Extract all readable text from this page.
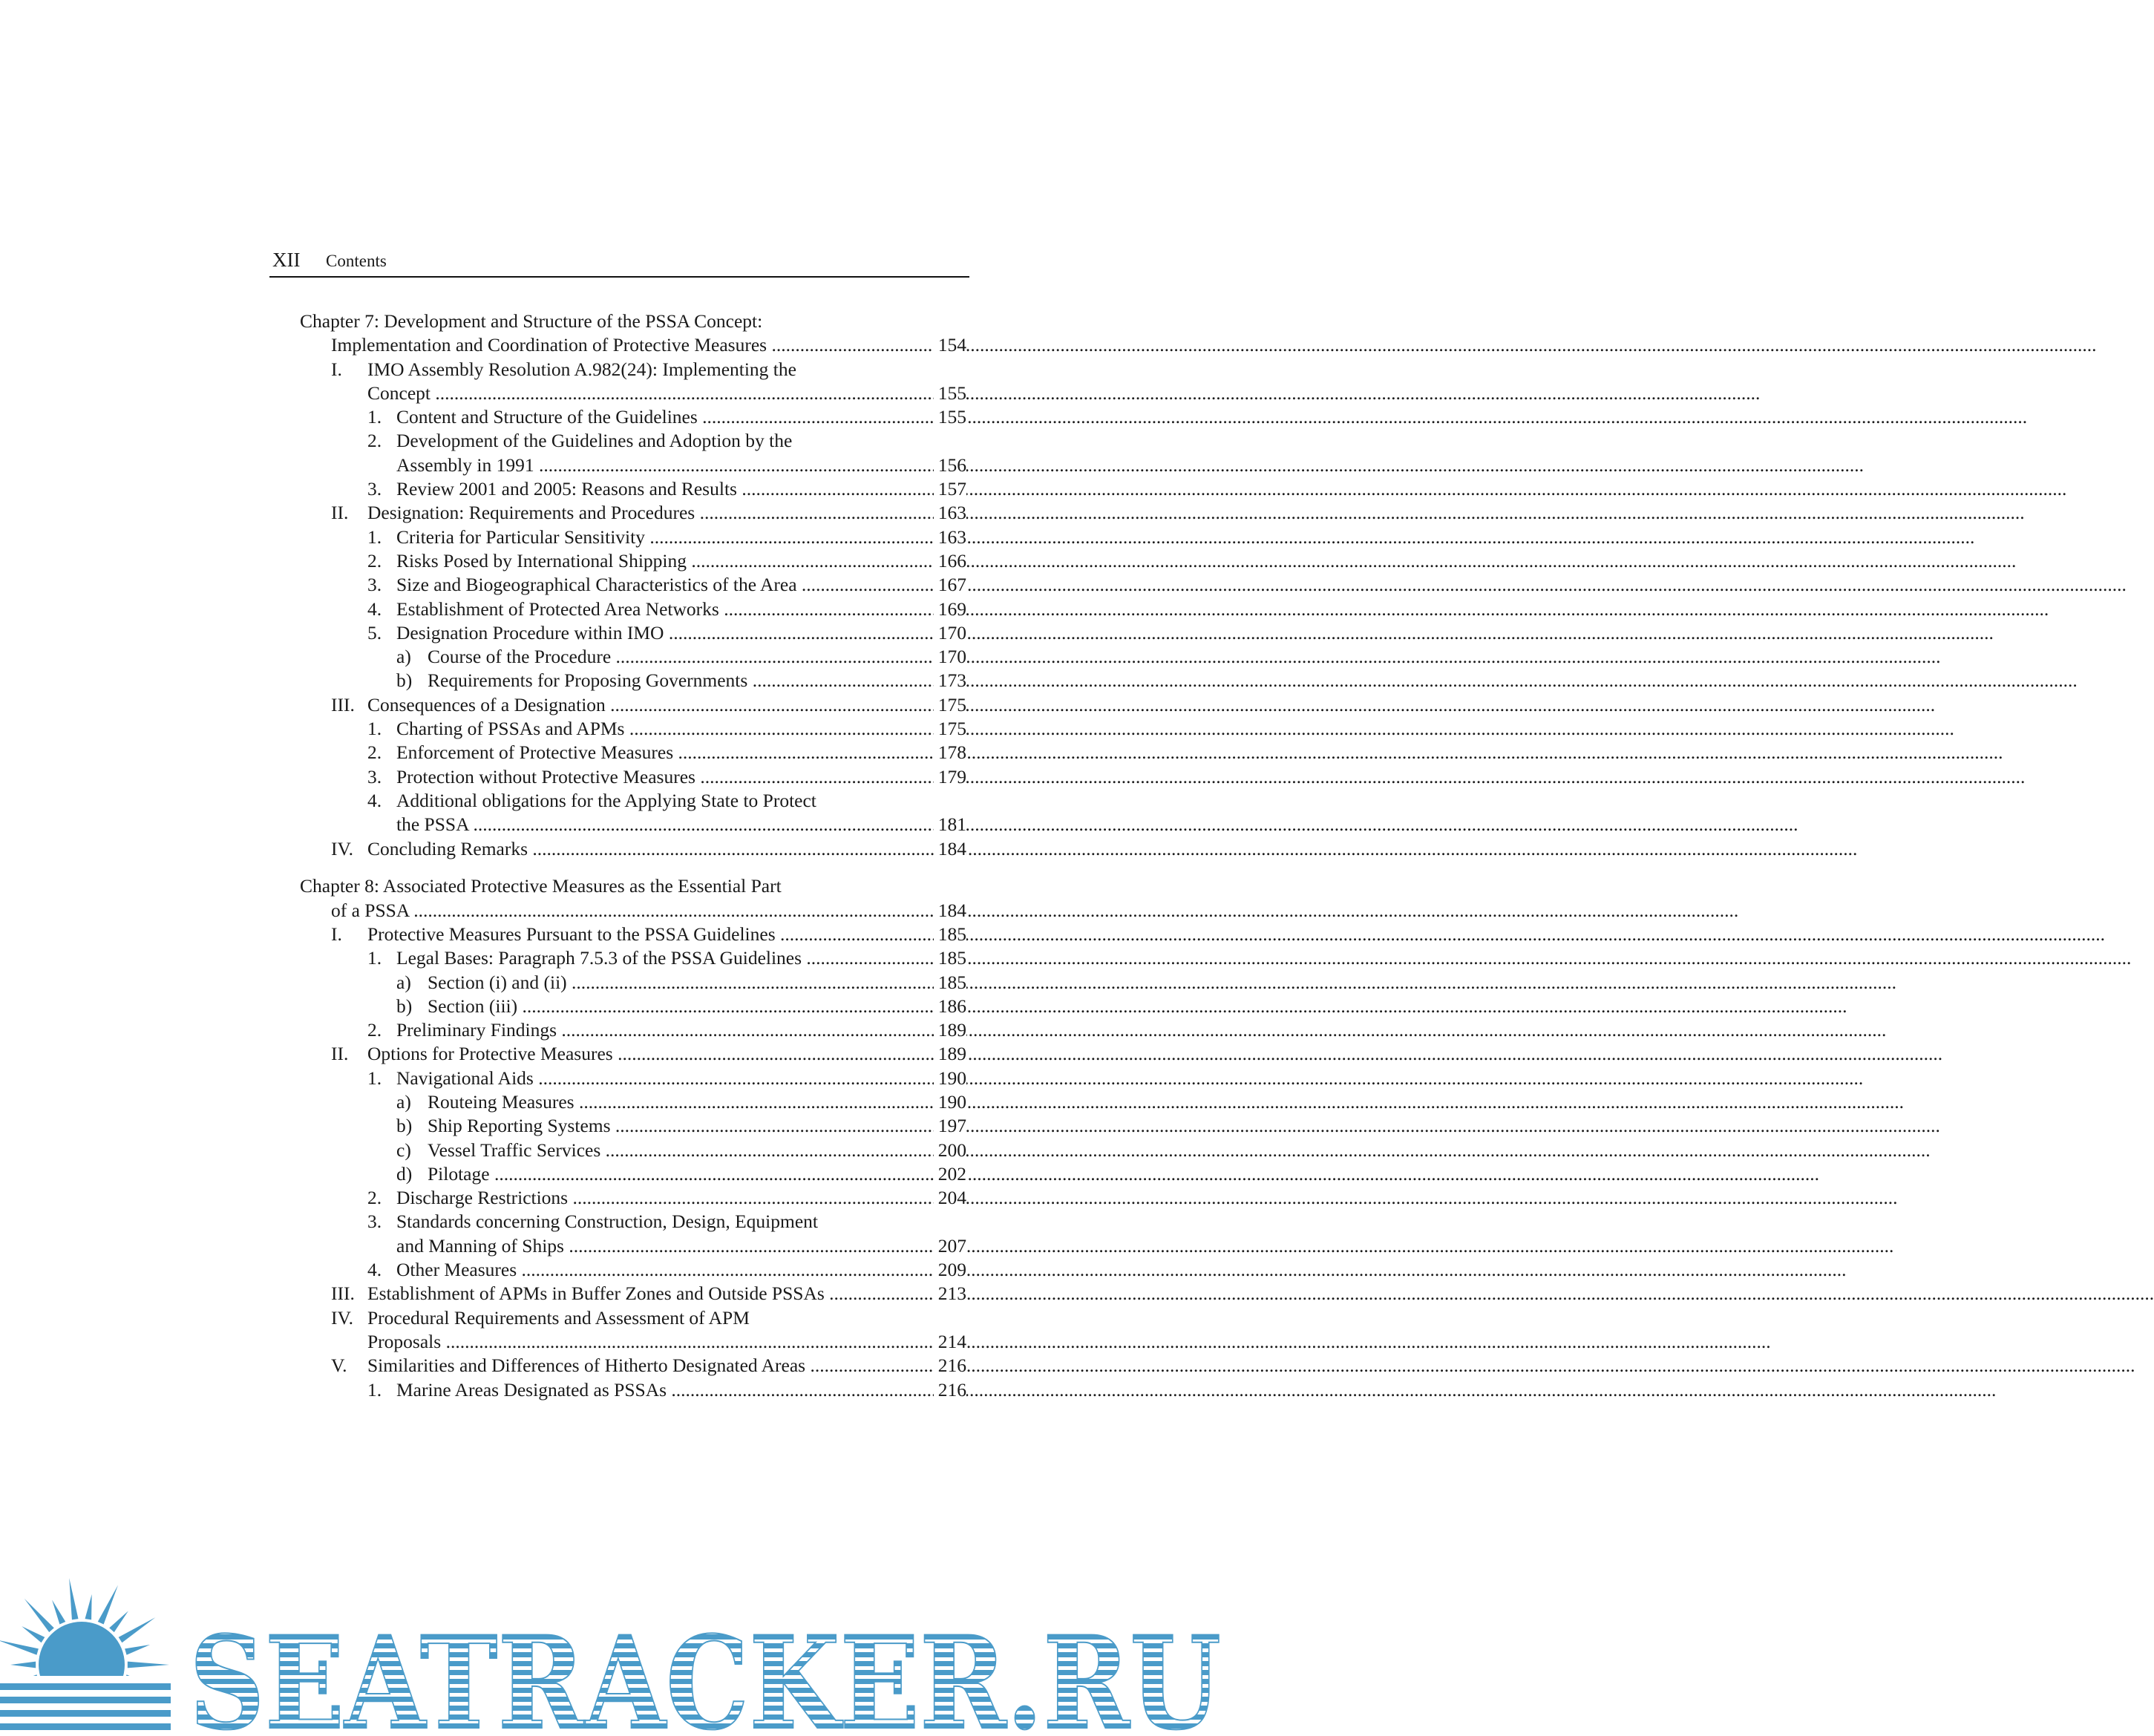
XII Contents
Chapter 7: Development and Structure of the PSSA Concept:
Implementation and Coordination of Protective Measures .....	154
I. IMO Assembly Resolution A.982(24): Implementing the
Concept .....	155
1. Content and Structure of the Guidelines .....	155
2. Development of the Guidelines and Adoption by the
Assembly in 1991 .....	156
3. Review 2001 and 2005: Reasons and Results .....	157
II. Designation: Requirements and Procedures .....	163
1. Criteria for Particular Sensitivity .....	163
2. Risks Posed by International Shipping .....	166
3. Size and Biogeographical Characteristics of the Area .....	167
4. Establishment of Protected Area Networks .....	169
5. Designation Procedure within IMO .....	170
a) Course of the Procedure .....	170
b) Requirements for Proposing Governments .....	173
III. Consequences of a Designation .....	175
1. Charting of PSSAs and APMs .....	175
2. Enforcement of Protective Measures .....	178
3. Protection without Protective Measures .....	179
4. Additional obligations for the Applying State to Protect
the PSSA .....	181
IV. Concluding Remarks .....	184
Chapter 8: Associated Protective Measures as the Essential Part
of a PSSA .....	184
I. Protective Measures Pursuant to the PSSA Guidelines .....	185
1. Legal Bases: Paragraph 7.5.3 of the PSSA Guidelines .....	185
a) Section (i) and (ii) .....	185
b) Section (iii) .....	186
2. Preliminary Findings .....	189
II. Options for Protective Measures .....	189
1. Navigational Aids .....	190
a) Routeing Measures .....	190
b) Ship Reporting Systems .....	197
c) Vessel Traffic Services .....	200
d) Pilotage .....	202
2. Discharge Restrictions .....	204
3. Standards concerning Construction, Design, Equipment
and Manning of Ships .....	207
4. Other Measures .....	209
III. Establishment of APMs in Buffer Zones and Outside PSSAs .....	213
IV. Procedural Requirements and Assessment of APM
Proposals .....	214
V. Similarities and Differences of Hitherto Designated Areas .....	216
1. Marine Areas Designated as PSSAs .....	216
SEATRACKER.RU
